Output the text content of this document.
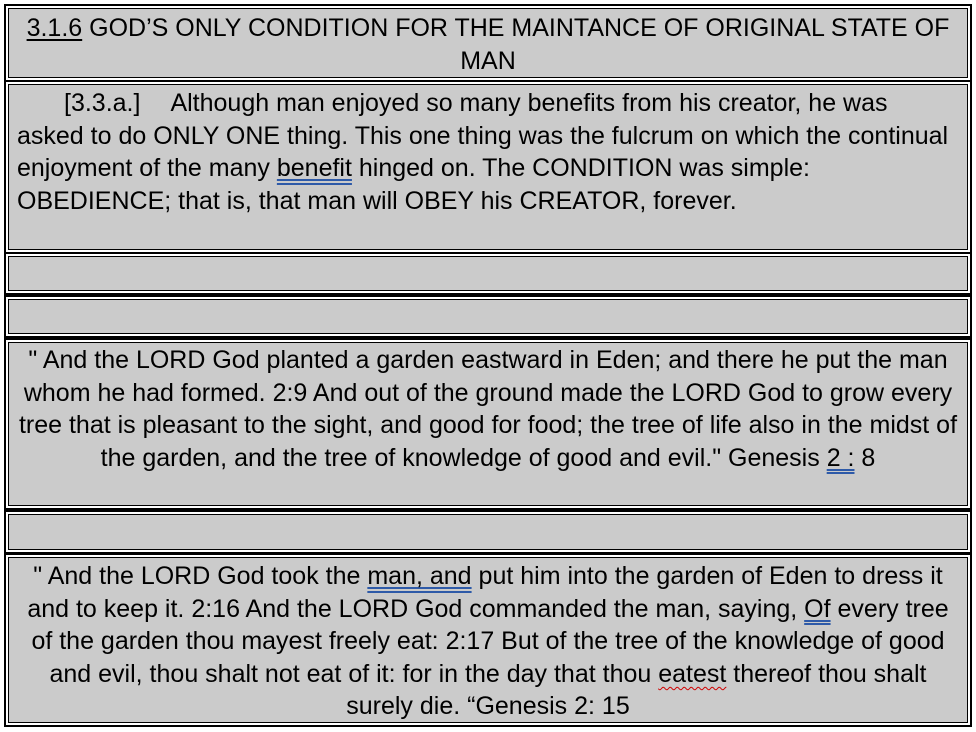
3.1.6 GOD’S ONLY CONDITION FOR THE MAINTANCE OF ORIGINAL STATE OF MAN
[3.3.a.] Although man enjoyed so many benefits from his creator, he was asked to do ONLY ONE thing. This one thing was the fulcrum on which the continual enjoyment of the many benefit hinged on. The CONDITION was simple: OBEDIENCE; that is, that man will OBEY his CREATOR, forever.
" And the LORD God planted a garden eastward in Eden; and there he put the man whom he had formed. 2:9 And out of the ground made the LORD God to grow every tree that is pleasant to the sight, and good for food; the tree of life also in the midst of the garden, and the tree of knowledge of good and evil." Genesis 2 : 8
" And the LORD God took the man, and put him into the garden of Eden to dress it and to keep it. 2:16 And the LORD God commanded the man, saying, Of every tree of the garden thou mayest freely eat: 2:17 But of the tree of the knowledge of good and evil, thou shalt not eat of it: for in the day that thou eatest thereof thou shalt surely die. “Genesis 2: 15
